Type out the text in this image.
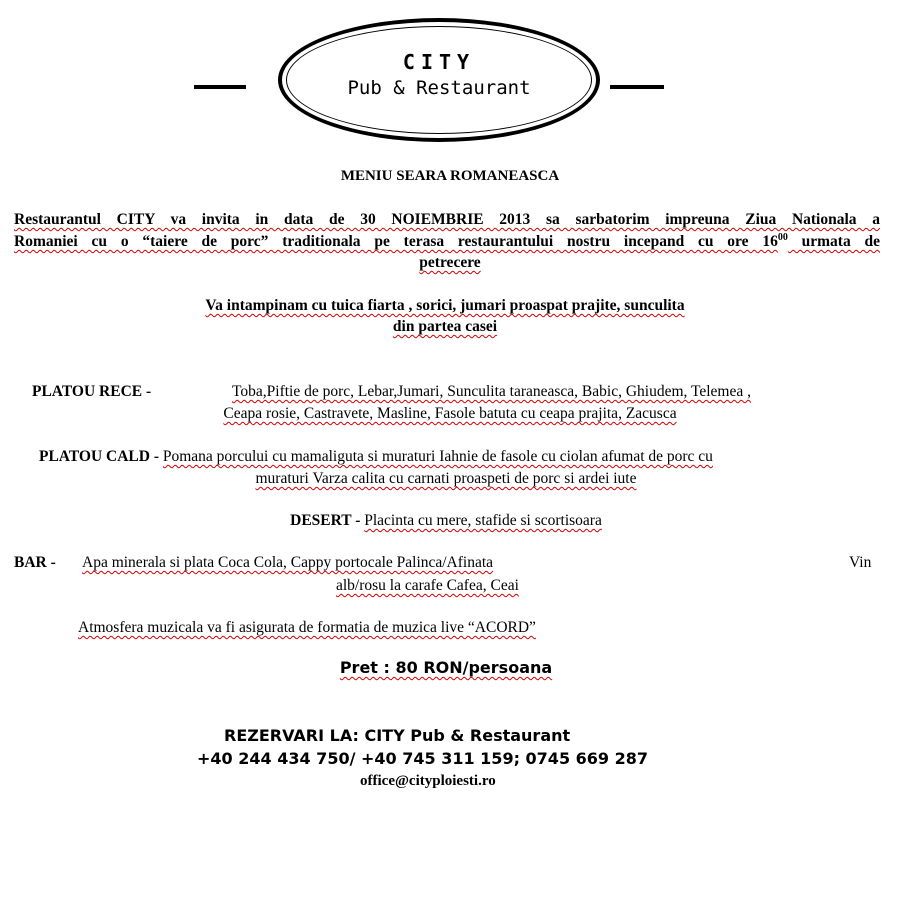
CITY
Pub & Restaurant
MENIU SEARA ROMANEASCA
Restaurantul CITY va invita in data de 30 NOIEMBRIE 2013 sa sarbatorim impreuna Ziua Nationala a
Romaniei cu o “taiere de porc” traditionala pe terasa restaurantului nostru incepand cu ore $16^{00}$ urmata de
petrecere
Va intampinam cu tuica fiarta , sorici, jumari proaspat prajite, sunculita
din partea casei
PLATOU RECE -	Toba,Piftie de porc, Lebar,Jumari, Sunculita taraneasca, Babic, Ghiudem, Telemea ,
Ceapa rosie, Castravete, Masline, Fasole batuta cu ceapa prajita, Zacusca
PLATOU CALD - Pomana porcului cu mamaliguta si muraturi Iahnie de fasole cu ciolan afumat de porc cu
muraturi Varza calita cu carnati proaspeti de porc si ardei iute
DESERT - Placinta cu mere, stafide si scortisoara
BAR - Apa minerala si plata Coca Cola, Cappy portocale Palinca/Afinata	Vin
alb/rosu la carafe Cafea, Ceai
Atmosfera muzicala va fi asigurata de formatia de muzica live “ACORD”
Pret : 80 RON/persoana
REZERVARI LA: CITY Pub & Restaurant
+40 244 434 750/ +40 745 311 159; 0745 669 287
office@cityploiesti.ro
